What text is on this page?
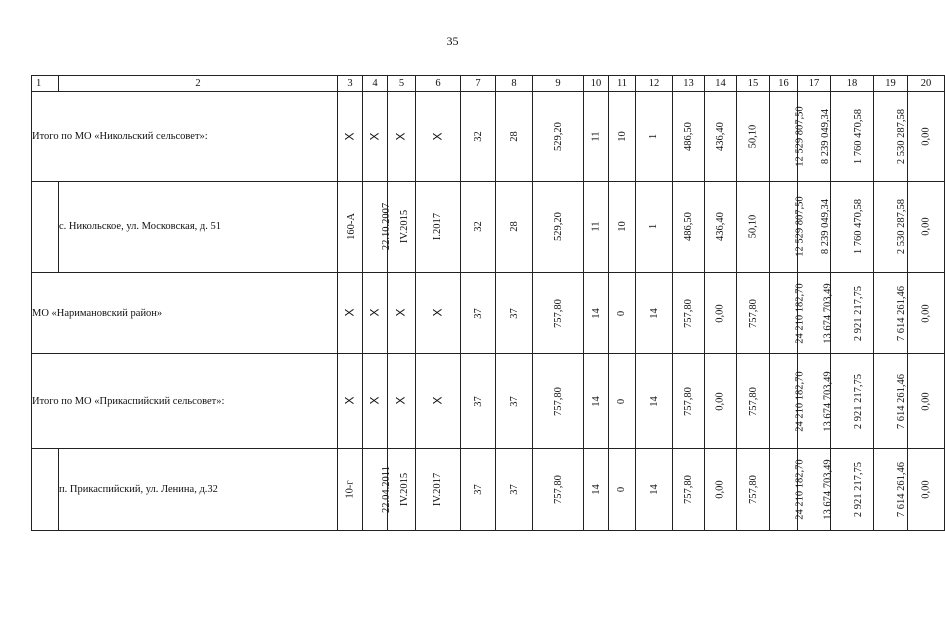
35
1	2	3	4	5	6	7	8	9	10	11	12	13	14	15	16	17	18	19	20
Итого по МО «Никольский сельсовет»:		Х	Х	Х	Х	32	28	529,20	11	10	1	486,50	436,40	50,10	12 529 807,50	8 239 049,34	1 760 470,58	2 530 287,58	0,00
	с. Никольское, ул. Московская, д. 51	160-А	22.10.2007	IV.2015	I.2017	32	28	529,20	11	10	1	486,50	436,40	50,10	12 529 807,50	8 239 049,34	1 760 470,58	2 530 287,58	0,00
МО «Наримановский район»		Х	Х	Х	Х	37	37	757,80	14	0	14	757,80	0,00	757,80	24 210 182,70	13 674 703,49	2 921 217,75	7 614 261,46	0,00
Итого по МО «Прикаспийский сельсовет»:		Х	Х	Х	Х	37	37	757,80	14	0	14	757,80	0,00	757,80	24 210 182,70	13 674 703,49	2 921 217,75	7 614 261,46	0,00
	п. Прикаспийский, ул. Ленина, д.32	10-г	22.04.2011	IV.2015	IV.2017	37	37	757,80	14	0	14	757,80	0,00	757,80	24 210 182,70	13 674 703,49	2 921 217,75	7 614 261,46	0,00
